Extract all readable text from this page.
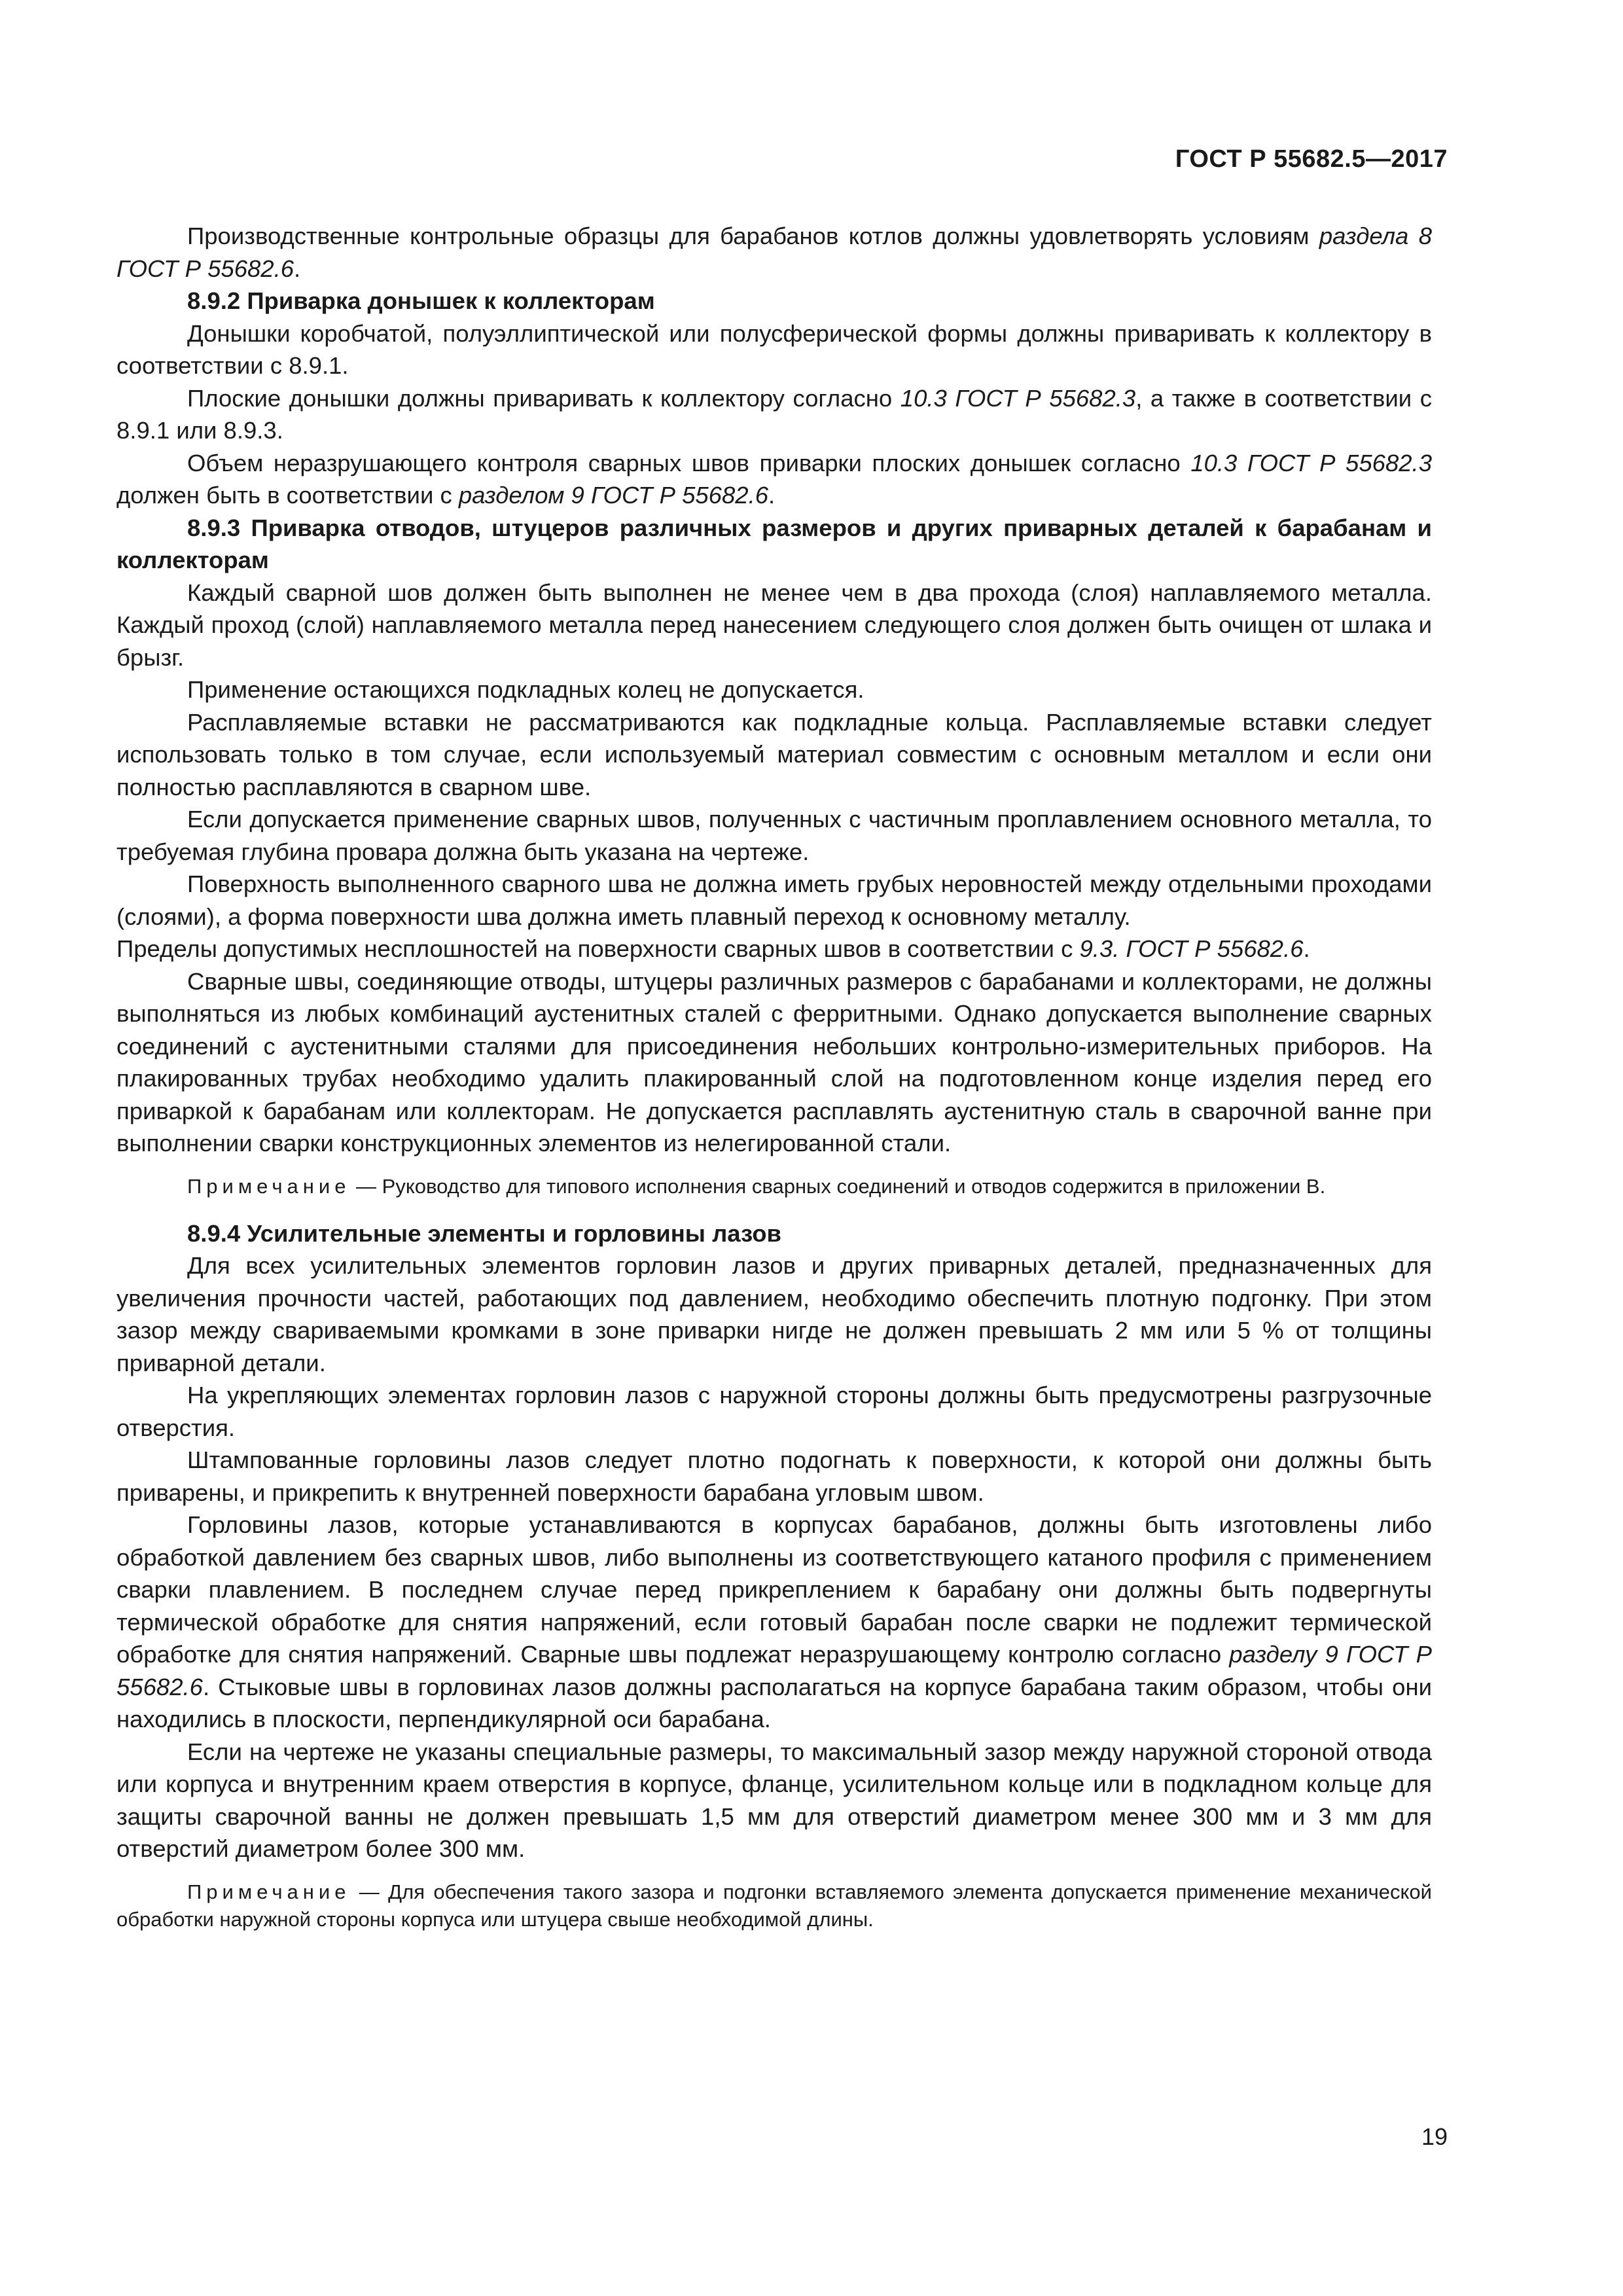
ГОСТ Р 55682.5—2017

Производственные контрольные образцы для барабанов котлов должны удовлетворять условиям раздела 8 ГОСТ Р 55682.6.

8.9.2 Приварка донышек к коллекторам

Донышки коробчатой, полуэллиптической или полусферической формы должны приваривать к коллектору в соответствии с 8.9.1.

Плоские донышки должны приваривать к коллектору согласно 10.3 ГОСТ Р 55682.3, а также в соответствии с 8.9.1 или 8.9.3.

Объем неразрушающего контроля сварных швов приварки плоских донышек согласно 10.3 ГОСТ Р 55682.3 должен быть в соответствии с разделом 9 ГОСТ Р 55682.6.

8.9.3 Приварка отводов, штуцеров различных размеров и других приварных деталей к барабанам и коллекторам

Каждый сварной шов должен быть выполнен не менее чем в два прохода (слоя) наплавляемого металла. Каждый проход (слой) наплавляемого металла перед нанесением следующего слоя должен быть очищен от шлака и брызг.

Применение остающихся подкладных колец не допускается.

Расплавляемые вставки не рассматриваются как подкладные кольца. Расплавляемые вставки следует использовать только в том случае, если используемый материал совместим с основным металлом и если они полностью расплавляются в сварном шве.

Если допускается применение сварных швов, полученных с частичным проплавлением основного металла, то требуемая глубина провара должна быть указана на чертеже.

Поверхность выполненного сварного шва не должна иметь грубых неровностей между отдельными проходами (слоями), а форма поверхности шва должна иметь плавный переход к основному металлу.

Пределы допустимых несплошностей на поверхности сварных швов в соответствии с 9.3. ГОСТ Р 55682.6.

Сварные швы, соединяющие отводы, штуцеры различных размеров с барабанами и коллекторами, не должны выполняться из любых комбинаций аустенитных сталей с ферритными. Однако допускается выполнение сварных соединений с аустенитными сталями для присоединения небольших контрольно-измерительных приборов. На плакированных трубах необходимо удалить плакированный слой на подготовленном конце изделия перед его приваркой к барабанам или коллекторам. Не допускается расплавлять аустенитную сталь в сварочной ванне при выполнении сварки конструкционных элементов из нелегированной стали.

Примечание — Руководство для типового исполнения сварных соединений и отводов содержится в приложении В.

8.9.4 Усилительные элементы и горловины лазов

Для всех усилительных элементов горловин лазов и других приварных деталей, предназначенных для увеличения прочности частей, работающих под давлением, необходимо обеспечить плотную подгонку. При этом зазор между свариваемыми кромками в зоне приварки нигде не должен превышать 2 мм или 5 % от толщины приварной детали.

На укрепляющих элементах горловин лазов с наружной стороны должны быть предусмотрены разгрузочные отверстия.

Штампованные горловины лазов следует плотно подогнать к поверхности, к которой они должны быть приварены, и прикрепить к внутренней поверхности барабана угловым швом.

Горловины лазов, которые устанавливаются в корпусах барабанов, должны быть изготовлены либо обработкой давлением без сварных швов, либо выполнены из соответствующего катаного профиля с применением сварки плавлением. В последнем случае перед прикреплением к барабану они должны быть подвергнуты термической обработке для снятия напряжений, если готовый барабан после сварки не подлежит термической обработке для снятия напряжений. Сварные швы подлежат неразрушающему контролю согласно разделу 9 ГОСТ Р 55682.6. Стыковые швы в горловинах лазов должны располагаться на корпусе барабана таким образом, чтобы они находились в плоскости, перпендикулярной оси барабана.

Если на чертеже не указаны специальные размеры, то максимальный зазор между наружной стороной отвода или корпуса и внутренним краем отверстия в корпусе, фланце, усилительном кольце или в подкладном кольце для защиты сварочной ванны не должен превышать 1,5 мм для отверстий диаметром менее 300 мм и 3 мм для отверстий диаметром более 300 мм.

Примечание — Для обеспечения такого зазора и подгонки вставляемого элемента допускается применение механической обработки наружной стороны корпуса или штуцера свыше необходимой длины.

19
